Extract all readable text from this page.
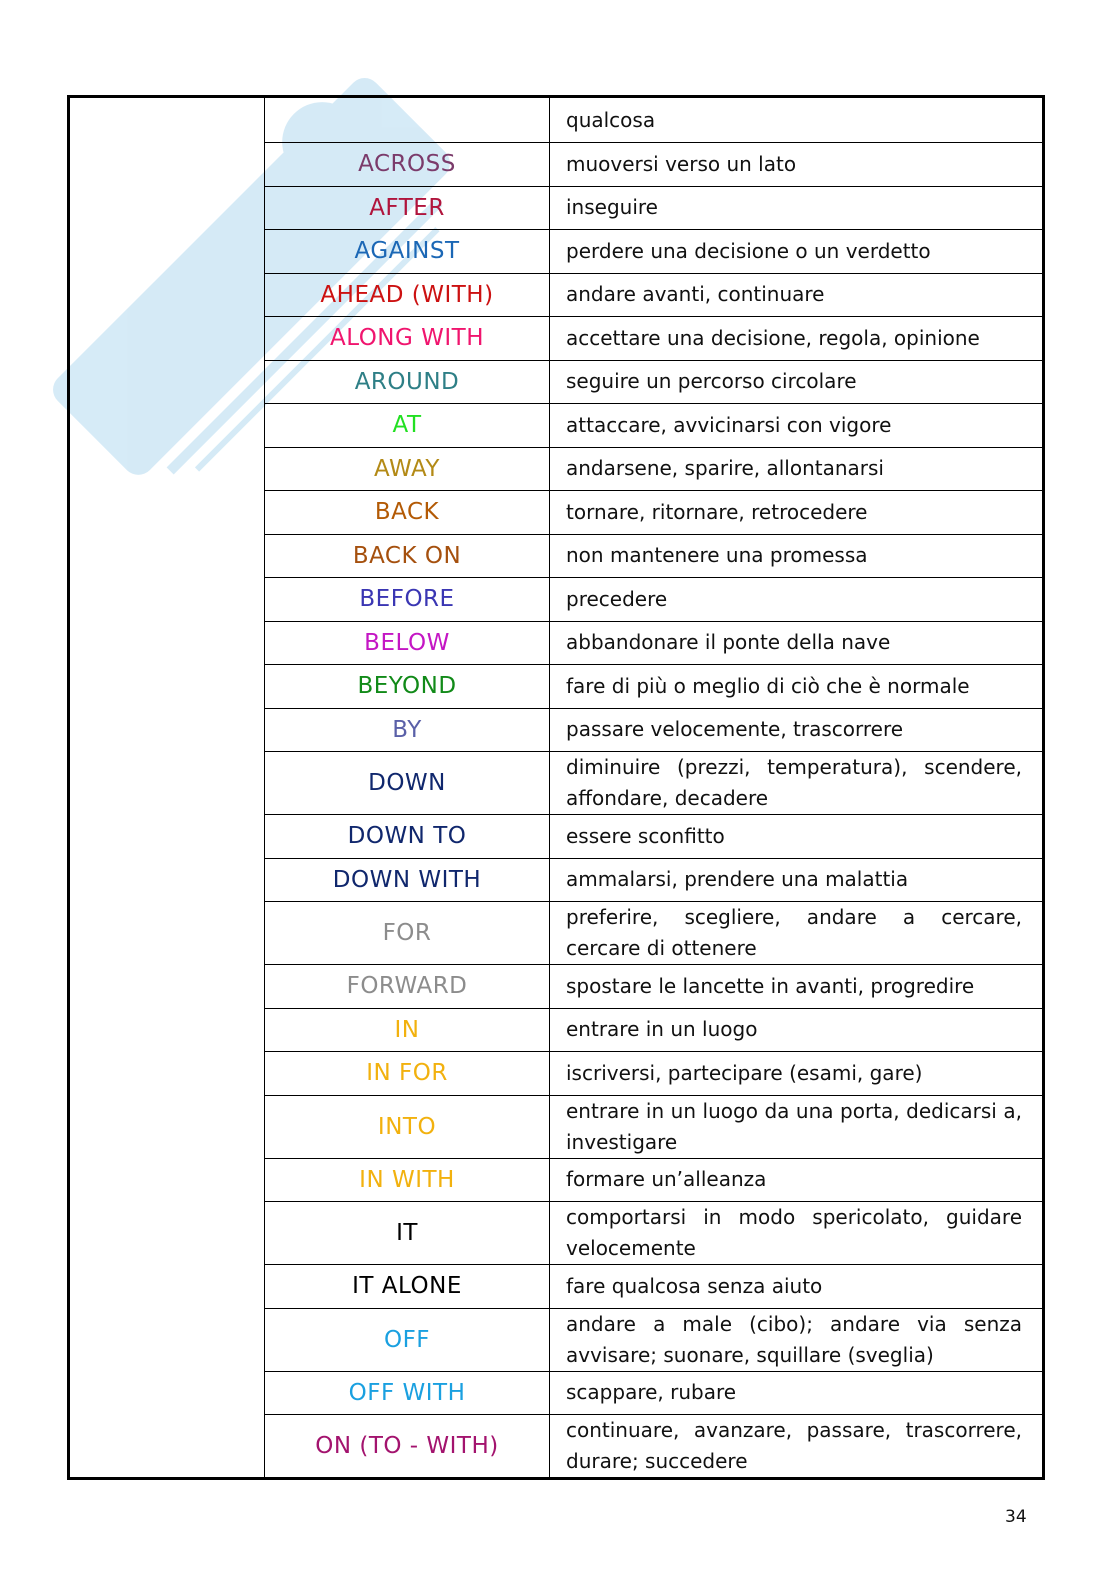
		qualcosa
	ACROSS	muoversi verso un lato
	AFTER	inseguire
	AGAINST	perdere una decisione o un verdetto
	AHEAD (WITH)	andare avanti, continuare
	ALONG WITH	accettare una decisione, regola, opinione
	AROUND	seguire un percorso circolare
	AT	attaccare, avvicinarsi con vigore
	AWAY	andarsene, sparire, allontanarsi
	BACK	tornare, ritornare, retrocedere
	BACK ON	non mantenere una promessa
	BEFORE	precedere
	BELOW	abbandonare il ponte della nave
	BEYOND	fare di più o meglio di ciò che è normale
	BY	passare velocemente, trascorrere
	DOWN	diminuire (prezzi, temperatura), scendere, affondare, decadere
	DOWN TO	essere sconfitto
	DOWN WITH	ammalarsi, prendere una malattia
	FOR	preferire, scegliere, andare a cercare, cercare di ottenere
	FORWARD	spostare le lancette in avanti, progredire
	IN	entrare in un luogo
	IN FOR	iscriversi, partecipare (esami, gare)
	INTO	entrare in un luogo da una porta, dedicarsi a, investigare
	IN WITH	formare un’alleanza
	IT	comportarsi in modo spericolato, guidare velocemente
	IT ALONE	fare qualcosa senza aiuto
	OFF	andare a male (cibo); andare via senza avvisare; suonare, squillare (sveglia)
	OFF WITH	scappare, rubare
	ON (TO - WITH)	continuare, avanzare, passare, trascorrere, durare; succedere
34
